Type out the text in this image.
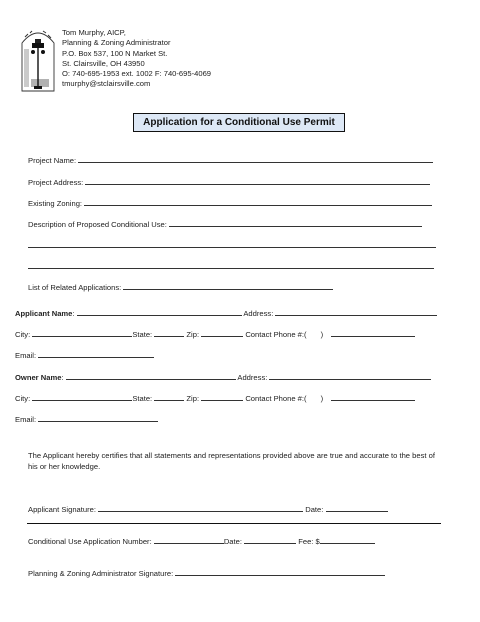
Tom Murphy, AICP,
Planning & Zoning Administrator
P.O. Box 537, 100 N Market St.
St. Clairsville, OH 43950
O: 740-695-1953 ext. 1002 F: 740-695-4069
tmurphy@stclairsville.com
Application for a Conditional Use Permit
Project Name:
Project Address:
Existing Zoning:
Description of Proposed Conditional Use:
List of Related Applications:
Applicant Name:	Address:
City:	State:	Zip:	Contact Phone #:( )
Email:
Owner Name:	Address:
City:	State:	Zip:	Contact Phone #:( )
Email:
The Applicant hereby certifies that all statements and representations provided above are true and accurate to the best of his or her knowledge.
Applicant Signature:	Date:
Conditional Use Application Number:	Date:	Fee: $
Planning & Zoning Administrator Signature:
